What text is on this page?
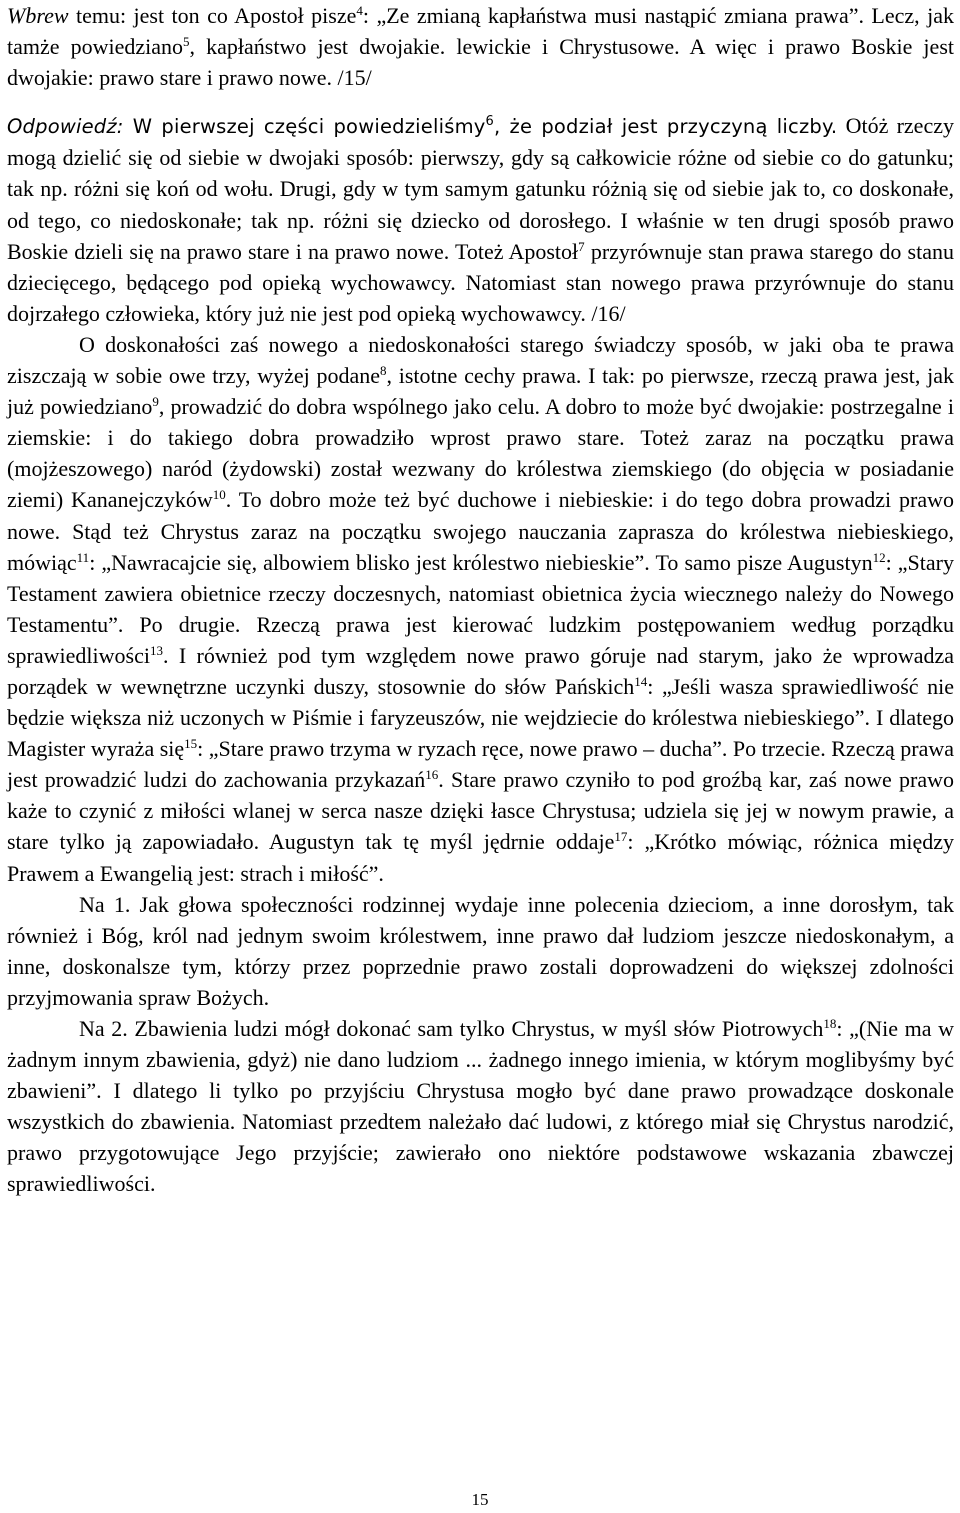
Wbrew temu: jest ton co Apostoł pisze$^4$: „Ze zmianą kapłaństwa musi nastąpić zmiana prawa”. Lecz, jak tamże powiedziano$^5$, kapłaństwo jest dwojakie. lewickie i Chrystusowe. A więc i prawo Boskie jest dwojakie: prawo stare i prawo nowe. /15/

Odpowiedź: W pierwszej części powiedzieliśmy$^6$, że podział jest przyczyną liczby. Otóż rzeczy mogą dzielić się od siebie w dwojaki sposób: pierwszy, gdy są całkowicie różne od siebie co do gatunku; tak np. różni się koń od wołu. Drugi, gdy w tym samym gatunku różnią się od siebie jak to, co doskonałe, od tego, co niedoskonałe; tak np. różni się dziecko od dorosłego. I właśnie w ten drugi sposób prawo Boskie dzieli się na prawo stare i na prawo nowe. Toteż Apostoł$^7$ przyrównuje stan prawa starego do stanu dziecięcego, będącego pod opieką wychowawcy. Natomiast stan nowego prawa przyrównuje do stanu dojrzałego człowieka, który już nie jest pod opieką wychowawcy. /16/

O doskonałości zaś nowego a niedoskonałości starego świadczy sposób, w jaki oba te prawa ziszczają w sobie owe trzy, wyżej podane$^8$, istotne cechy prawa. I tak: po pierwsze, rzeczą prawa jest, jak już powiedziano$^9$, prowadzić do dobra wspólnego jako celu. A dobro to może być dwojakie: postrzegalne i ziemskie: i do takiego dobra prowadziło wprost prawo stare. Toteż zaraz na początku prawa (mojżeszowego) naród (żydowski) został wezwany do królestwa ziemskiego (do objęcia w posiadanie ziemi) Kananejczyków$^{10}$. To dobro może też być duchowe i niebieskie: i do tego dobra prowadzi prawo nowe. Stąd też Chrystus zaraz na początku swojego nauczania zaprasza do królestwa niebieskiego, mówiąc$^{11}$: „Nawracajcie się, albowiem blisko jest królestwo niebieskie”. To samo pisze Augustyn$^{12}$: „Stary Testament zawiera obietnice rzeczy doczesnych, natomiast obietnica życia wiecznego należy do Nowego Testamentu”. Po drugie. Rzeczą prawa jest kierować ludzkim postępowaniem według porządku sprawiedliwości$^{13}$. I również pod tym względem nowe prawo góruje nad starym, jako że wprowadza porządek w wewnętrzne uczynki duszy, stosownie do słów Pańskich$^{14}$: „Jeśli wasza sprawiedliwość nie będzie większa niż uczonych w Piśmie i faryzeuszów, nie wejdziecie do królestwa niebieskiego”. I dlatego Magister wyraża się$^{15}$: „Stare prawo trzyma w ryzach ręce, nowe prawo – ducha”. Po trzecie. Rzeczą prawa jest prowadzić ludzi do zachowania przykazań$^{16}$. Stare prawo czyniło to pod groźbą kar, zaś nowe prawo każe to czynić z miłości wlanej w serca nasze dzięki łasce Chrystusa; udziela się jej w nowym prawie, a stare tylko ją zapowiadało. Augustyn tak tę myśl jędrnie oddaje$^{17}$: „Krótko mówiąc, różnica między Prawem a Ewangelią jest: strach i miłość”.

Na 1. Jak głowa społeczności rodzinnej wydaje inne polecenia dzieciom, a inne dorosłym, tak również i Bóg, król nad jednym swoim królestwem, inne prawo dał ludziom jeszcze niedoskonałym, a inne, doskonalsze tym, którzy przez poprzednie prawo zostali doprowadzeni do większej zdolności przyjmowania spraw Bożych.

Na 2. Zbawienia ludzi mógł dokonać sam tylko Chrystus, w myśl słów Piotrowych$^{18}$: „(Nie ma w żadnym innym zbawienia, gdyż) nie dano ludziom ... żadnego innego imienia, w którym moglibyśmy być zbawieni”. I dlatego li tylko po przyjściu Chrystusa mogło być dane prawo prowadzące doskonale wszystkich do zbawienia. Natomiast przedtem należało dać ludowi, z którego miał się Chrystus narodzić, prawo przygotowujące Jego przyjście; zawierało ono niektóre podstawowe wskazania zbawczej sprawiedliwości.

15
